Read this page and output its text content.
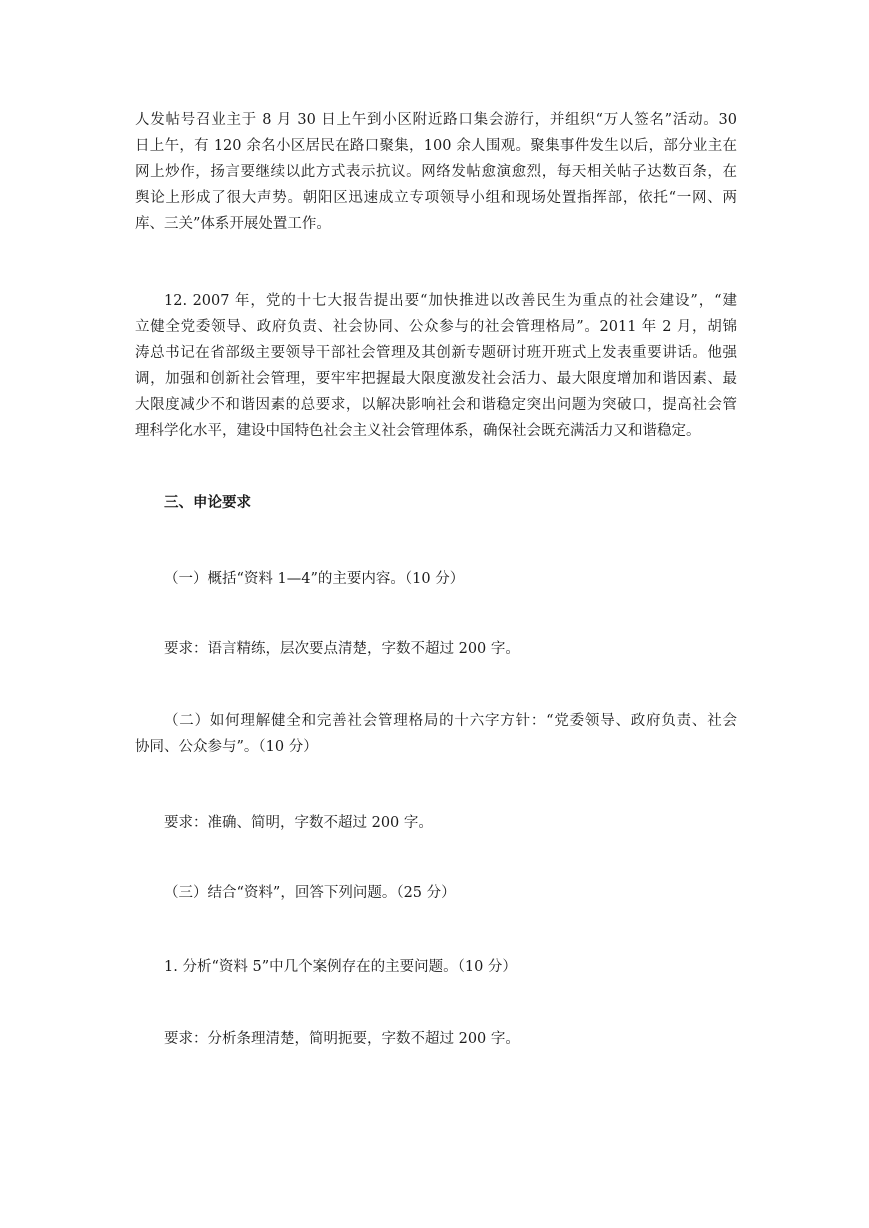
人发帖号召业主于 8 月 30 日上午到小区附近路口集会游行，并组织“万人签名”活动。30
日上午，有 120 余名小区居民在路口聚集，100 余人围观。聚集事件发生以后，部分业主在
网上炒作，扬言要继续以此方式表示抗议。网络发帖愈演愈烈，每天相关帖子达数百条，在
舆论上形成了很大声势。朝阳区迅速成立专项领导小组和现场处置指挥部，依托“一网、两
库、三关”体系开展处置工作。
12. 2007 年，党的十七大报告提出要“加快推进以改善民生为重点的社会建设”，“建
立健全党委领导、政府负责、社会协同、公众参与的社会管理格局”。2011 年 2 月，胡锦
涛总书记在省部级主要领导干部社会管理及其创新专题研讨班开班式上发表重要讲话。他强
调，加强和创新社会管理，要牢牢把握最大限度激发社会活力、最大限度增加和谐因素、最
大限度减少不和谐因素的总要求，以解决影响社会和谐稳定突出问题为突破口，提高社会管
理科学化水平，建设中国特色社会主义社会管理体系，确保社会既充满活力又和谐稳定。
三、申论要求
（一）概括“资料 1—4”的主要内容。（10 分）
要求：语言精练，层次要点清楚，字数不超过 200 字。
（二）如何理解健全和完善社会管理格局的十六字方针：“党委领导、政府负责、社会
协同、公众参与”。（10 分）
要求：准确、简明，字数不超过 200 字。
（三）结合“资料”，回答下列问题。（25 分）
1. 分析“资料 5”中几个案例存在的主要问题。（10 分）
要求：分析条理清楚，简明扼要，字数不超过 200 字。
